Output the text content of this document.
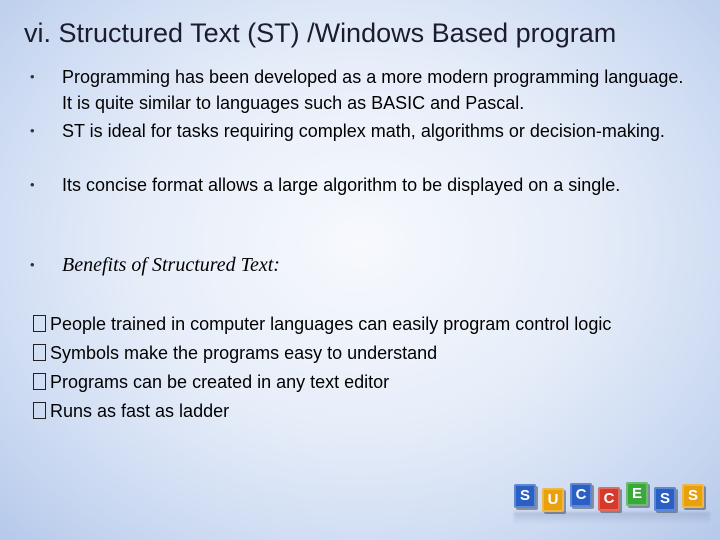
vi. Structured Text (ST) /Windows Based program
• Programming has been developed as a more modern programming language. It is quite similar to languages such as BASIC and Pascal.
• ST is ideal for tasks requiring complex math, algorithms or decision-making.
• Its concise format allows a large algorithm to be displayed on a single.
• Benefits of Structured Text:
People trained in computer languages can easily program control logic
Symbols make the programs easy to understand
Programs can be created in any text editor
Runs as fast as ladder
S	U	C	C	E	S	S
